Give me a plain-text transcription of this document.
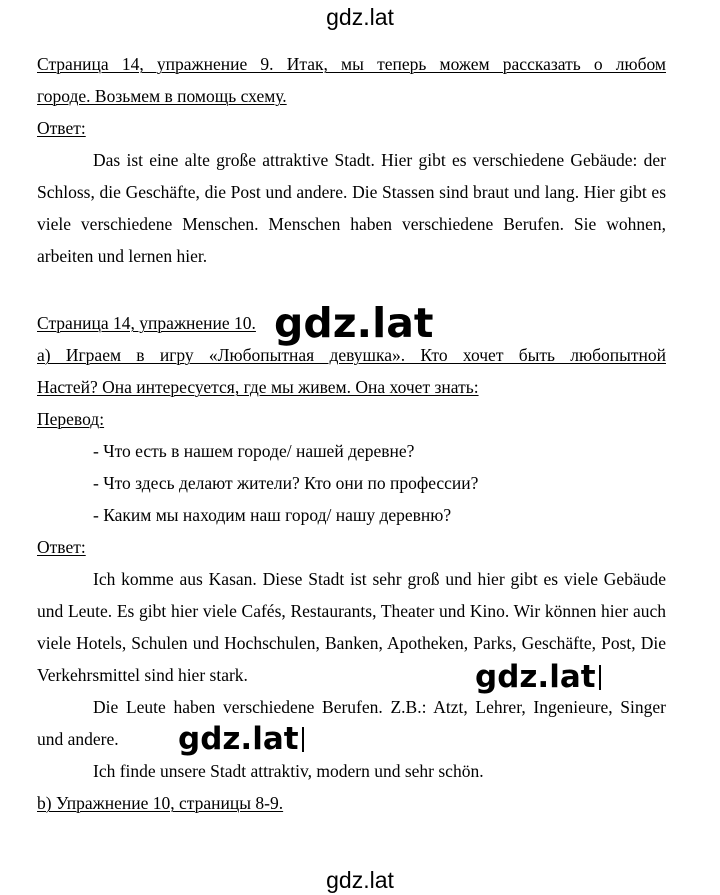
gdz.lat

Страница 14, упражнение 9. Итак, мы теперь можем рассказать о любом

городе. Возьмем в помощь схему.

Ответ:

Das ist eine alte große attraktive Stadt. Hier gibt es verschiedene Gebäude: der Schloss, die Geschäfte, die Post und andere. Die Stassen sind braut und lang. Hier gibt es viele verschiedene Menschen. Menschen haben verschiedene Berufen. Sie wohnen, arbeiten und lernen hier.

Страница 14, упражнение 10.

а) Играем в игру «Любопытная девушка». Кто хочет быть любопытной

Настей? Она интересуется, где мы живем. Она хочет знать:

Перевод:

- Что есть в нашем городе/ нашей деревне?

- Что здесь делают жители? Кто они по профессии?

- Каким мы находим наш город/ нашу деревню?

Ответ:

Ich komme aus Kasan. Diese Stadt ist sehr groß und hier gibt es viele Gebäude und Leute. Es gibt hier viele Cafés, Restaurants, Theater und Kino. Wir können hier auch viele Hotels, Schulen und Hochschulen, Banken, Apotheken, Parks, Geschäfte, Post, Die Verkehrsmittel sind hier stark.

Die Leute haben verschiedene Berufen. Z.B.: Atzt, Lehrer, Ingenieure, Singer und andere.

Ich finde unsere Stadt attraktiv, modern und sehr schön.

b) Упражнение 10, страницы 8-9.

gdz.lat
gdz.lat
gdz.lat
gdz.lat
